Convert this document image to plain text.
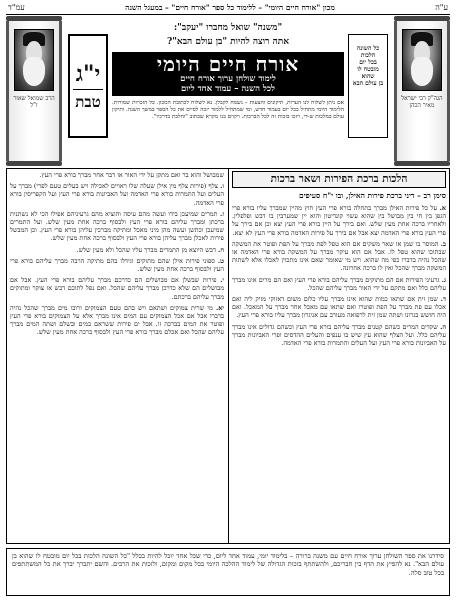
ע"ה
מכון "אורח חיים היומי" – ללימוד כל ספר "אורח חיים" – במעגל השנה
עמ"ד
הרב שמואל שאזר ז"ל
י"ג
טבת
"משנה" שואל מחברו "יעקב":
אתה רוצה להיות "בן עולם הבא"?
אורח חיים היומי
לימוד שולחן ערוך אורח חיים
לכל השנה – עמוד אחד ליום
כל השונה
הלכות
בכל יום
מובטח לו
שהוא
בן עולם הבא
הגה"ק רבי ישראל מאיר הכהן
אם ניתן לשלוח לנו הערות, תיקונים והצעות – נשמח לקבלן. נא לשלוח לכתובת המכון. כל הזכויות שמורות. הלימוד היומי מתחיל בכל יום בעמוד חדש, ומי שמתחיל ללמוד יזכה לסיים את כל הספר במשך השנה. ותיקון עולם במלכות ש-די, ויזכו בזכות זה לכל הברכות. ויקוים בנו מקרא שכתוב "והלכת בדרכיו".
הלכות ברכת הפירות ושאר ברכות
סימן רב – דיני ברכת פירות האילן, ובו י"ח סעיפים

א. על כל פירות האילן מברך בתחלה בורא פרי העץ חוץ מהיין שמברך עליו בורא פרי הגפן בין חי בין מבושל בין שהוא עשוי קונדיטון והוא יין שמערבין בו דבש ופלפלין. ולאחריו ברכה אחת מעין שלש. ואם בירך על היין בורא פרי העץ יצא וכן אם בירך על פרי העץ בורא פרי האדמה יצא אבל אם בירך על פירות האדמה בורא פרי העץ לא יצא.

ב. המוסר בו שמן או שאר משקים אם הוא טפל לפת מברך על הפת ופוטר את המשקה שבתוכו שהוא טפל לו. אבל אם הוא עיקר מברך על המשקה בורא פרי האדמה או שהכל נהיה בדברו כפי מה שהוא. ויש מי שאומר שאם אינו מתכוין לאכלו אלא לשתות המשקה מברך שהכל ואין לו ברכה אחרונה.

ג. גרעיני הפירות אם הם מתוקים מברך עליהם בורא פרי העץ ואם הם מרים אינו מברך עליהם כלל ואם מתקם על ידי האור מברך עליהם שהכל.

ד. שמן זית אם שתאו כמות שהוא אינו מברך עליו כלום משום דאזוקי מזיק ליה ואם אכלו עם פת מברך על הפת ופוטרו ואם שתאו עם מאכל אחר מברך על המאכל. ואם היה חושש בגרונו ושתה שמן זית לרפואה מעורב עם אניגרון מברך עליו בורא פרי העץ.

ה. שקדים המרים כשהם קטנים מברך עליהם בורא פרי העץ וכשהם גדולים אינו מברך עליהם כלל. ועל הצלף שהוא עץ שיש בו ענפים והעלים ההדסים ופרי האביונות מברך על האביונות בורא פרי העץ ועל העלים והתמרות בורא פרי האדמה.

שמבושל והוא בר ואם מתקן על ידי האור או דבר אחר מברך בורא פרי העץ.

ו. צלף (פירות צלף מין אילן שעלה שלו ראויים לאכילה ויש בעלים טעם לפרי) מברך על העלים ועל התמרות בורא פרי האדמה ועל האביונות בורא פרי העץ ועל הקפריסין בורא פרי האדמה.

ז. תמרים שמיעכן בידו ועשה מהם עיסה והוציא מהם גרעיניהם אפילו הכי לא נשתנית ברכתן ומברך עליהם בורא פרי העץ ולבסוף ברכה אחת מעין שלש. ועל התמרים שמיעכן וכתשן ועשה מהן מיני מאכל ומתיקה מברכין עליהן בורא פרי העץ. וכן המבשל פירות לאכלן מברך עליהן בורא פרי העץ ולבסוף ברכה אחת מעין שלש.

ח. דבש היוצא מן התמרים מברך עליו שהכל ולא מעין שלש.

ט. ספוני פירות אילן שהם מתוקים וגידלו בהם מתיקה הרבה מברך עליהם בורא פרי העץ ולבסוף ברכה אחת מעין שלש.

י. פירות שבשלן אם מבושלים הם כדרכם מברך עליהם בורא פרי העץ. אבל אם מבושלים הם שלא כדרכן מברך עליהם שהכל. ואם נפל לתוכם דבש או צוקר ומתוקים מברך עליהם ברכתם.

יא. מי שרית צמוקים ושתאם ויש בהם טעם הצמוקים ורובו מים מברך שהכל נהיה בדברו אבל אם אכל הצמוקים עם המים אינו מברך אלא על הצמוקים בורא פרי העץ ופוטר את המים בברכה זו. אבל ים פירות ששראם במים ובשלם ושתה המים מברך עליהם שהכל ואם אכלם מברך בורא פרי העץ ולבסוף ברכה אחת מעין שלש.

סידרנו את ספר השולחן ערוך אורח חיים עם משנה ברורה – בלימוד יומי, עמוד אחד ליום, כדי שכל אחד יוכל להיות בכלל "כל השונה הלכות בכל יום מובטח לו שהוא בן עולם הבא". נא להפיץ את הדף בין חבריכם, ולהשתתף בזכות הגדולה של לימוד ההלכה היומי בכל מקום ומקום, ולזכות את הרבים. והשם יתברך יברך את כל המשתתפים בכל טוב סלה.
